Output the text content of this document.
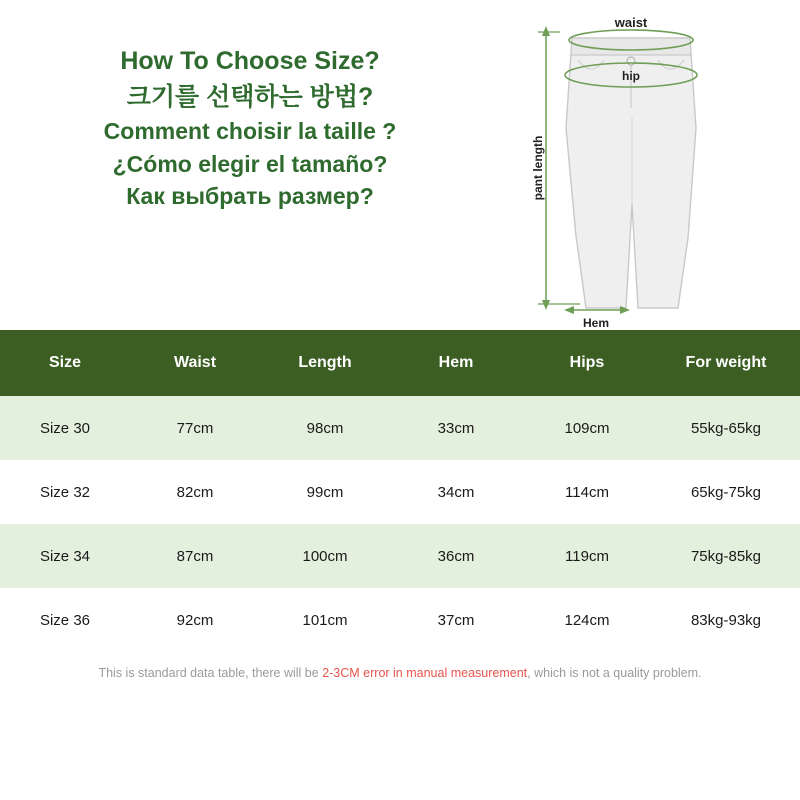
How To Choose Size?
크기를 선택하는 방법?
Comment choisir la taille ?
¿Cómo elegir el tamaño?
Как выбрать размер?
waist
hip
pant length
Hem
Size	Waist	Length	Hem	Hips	For weight
Size 30	77cm	98cm	33cm	109cm	55kg-65kg
Size 32	82cm	99cm	34cm	114cm	65kg-75kg
Size 34	87cm	100cm	36cm	119cm	75kg-85kg
Size 36	92cm	101cm	37cm	124cm	83kg-93kg
This is standard data table, there will be 2-3CM error in manual measurement, which is not a quality problem.
